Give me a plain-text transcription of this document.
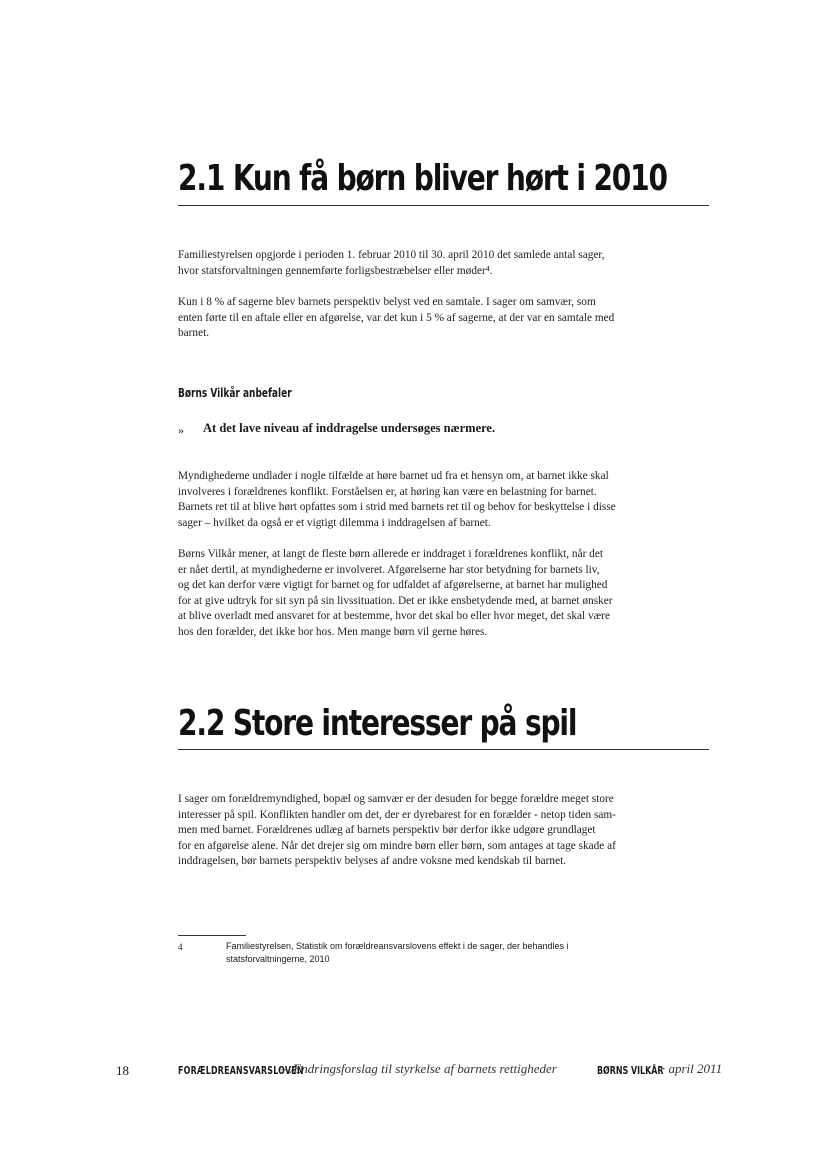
2.1 Kun få børn bliver hørt i 2010
Familiestyrelsen opgjorde i perioden 1. februar 2010 til 30. april 2010 det samlede antal sager,
hvor statsforvaltningen gennemførte forligsbestræbelser eller møder⁴.
Kun i 8 % af sagerne blev barnets perspektiv belyst ved en samtale. I sager om samvær, som
enten førte til en aftale eller en afgørelse, var det kun i 5 % af sagerne, at der var en samtale med
barnet.
Børns Vilkår anbefaler
» At det lave niveau af inddragelse undersøges nærmere.
Myndighederne undlader i nogle tilfælde at høre barnet ud fra et hensyn om, at barnet ikke skal
involveres i forældrenes konflikt. Forståelsen er, at høring kan være en belastning for barnet.
Barnets ret til at blive hørt opfattes som i strid med barnets ret til og behov for beskyttelse i disse
sager – hvilket da også er et vigtigt dilemma i inddragelsen af barnet.
Børns Vilkår mener, at langt de fleste børn allerede er inddraget i forældrenes konflikt, når det
er nået dertil, at myndighederne er involveret. Afgørelserne har stor betydning for barnets liv,
og det kan derfor være vigtigt for barnet og for udfaldet af afgørelserne, at barnet har mulighed
for at give udtryk for sit syn på sin livssituation. Det er ikke ensbetydende med, at barnet ønsker
at blive overladt med ansvaret for at bestemme, hvor det skal bo eller hvor meget, det skal være
hos den forælder, det ikke bor hos. Men mange børn vil gerne høres.
2.2 Store interesser på spil
I sager om forældremyndighed, bopæl og samvær er der desuden for begge forældre meget store
interesser på spil. Konflikten handler om det, der er dyrebarest for en forælder - netop tiden sam-
men med barnet. Forældrenes udlæg af barnets perspektiv bør derfor ikke udgøre grundlaget
for en afgørelse alene. Når det drejer sig om mindre børn eller børn, som antages at tage skade af
inddragelsen, bør barnets perspektiv belyses af andre voksne med kendskab til barnet.
4	Familiestyrelsen, Statistik om forældreansvarslovens effekt i de sager, der behandles i
statsforvaltningerne, 2010
18	FORÆLDREANSVARSLOVEN
– Ændringsforslag til styrkelse af barnets rettigheder	BØRNS VILKÅR
· april 2011
